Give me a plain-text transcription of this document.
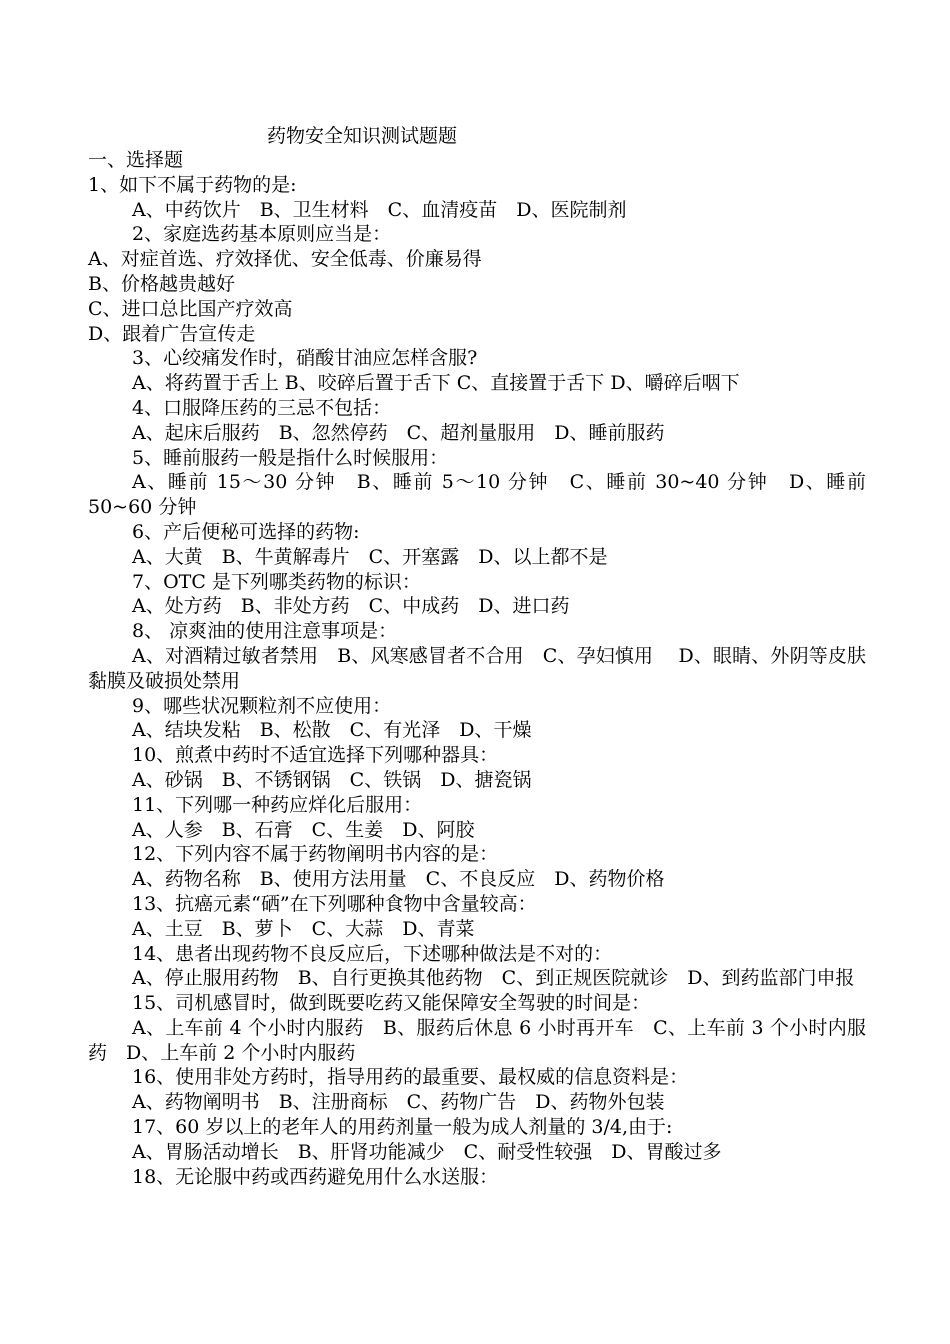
药物安全知识测试题题
一、选择题
1、如下不属于药物的是:
A、中药饮片　B、卫生材料　C、血清疫苗　D、医院制剂
2、家庭选药基本原则应当是：
A、对症首选、疗效择优、安全低毒、价廉易得
B、价格越贵越好
C、进口总比国产疗效高
D、跟着广告宣传走
3、心绞痛发作时，硝酸甘油应怎样含服?
A、将药置于舌上 B、咬碎后置于舌下 C、直接置于舌下 D、嚼碎后咽下
4、口服降压药的三忌不包括：
A、起床后服药　B、忽然停药　C、超剂量服用　D、睡前服药
5、睡前服药一般是指什么时候服用：
A、睡前 15～30 分钟　B、睡前 5～10 分钟　C、睡前 30~40 分钟　D、睡前 50~60 分钟
6、产后便秘可选择的药物:
A、大黄　B、牛黄解毒片　C、开塞露　D、以上都不是
7、OTC 是下列哪类药物的标识：
A、处方药　B、非处方药　C、中成药　D、进口药
8、 凉爽油的使用注意事项是：
A、对酒精过敏者禁用　B、风寒感冒者不合用　C、孕妇慎用　 D、眼睛、外阴等皮肤黏膜及破损处禁用
9、哪些状况颗粒剂不应使用：
A、结块发粘　B、松散　C、有光泽　D、干燥
10、煎煮中药时不适宜选择下列哪种器具：
A、砂锅　B、不锈钢锅　C、铁锅　D、搪瓷锅
11、下列哪一种药应烊化后服用：
A、人参　B、石膏　C、生姜　D、阿胶
12、下列内容不属于药物阐明书内容的是：
A、药物名称　B、使用方法用量　C、不良反应　D、药物价格
13、抗癌元素“硒”在下列哪种食物中含量较高：
A、土豆　B、萝卜　C、大蒜　D、青菜
14、患者出现药物不良反应后，下述哪种做法是不对的：
A、停止服用药物　B、自行更换其他药物　C、到正规医院就诊　D、到药监部门申报
15、司机感冒时，做到既要吃药又能保障安全驾驶的时间是：
A、上车前 4 个小时内服药　B、服药后休息 6 小时再开车　C、上车前 3 个小时内服药　D、上车前 2 个小时内服药
16、使用非处方药时，指导用药的最重要、最权威的信息资料是：
A、药物阐明书　B、注册商标　C、药物广告　D、药物外包装
17、60 岁以上的老年人的用药剂量一般为成人剂量的 3/4,由于:
A、胃肠活动增长　B、肝肾功能减少　C、耐受性较强　D、胃酸过多
18、无论服中药或西药避免用什么水送服：
